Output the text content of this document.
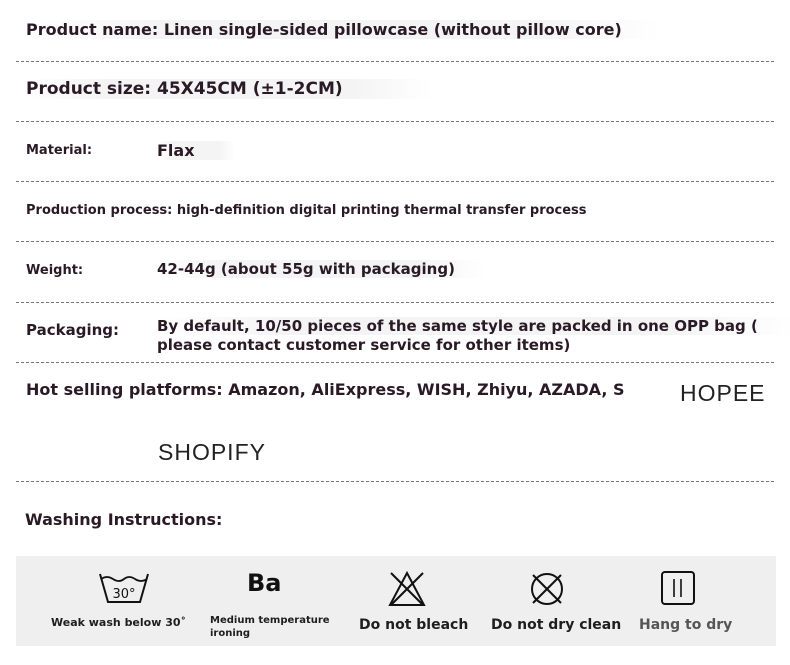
Product name: Linen single-sided pillowcase (without pillow core)
Product size: 45X45CM (±1-2CM)
Material:	Flax
Production process: high-definition digital printing thermal transfer process
Weight:	42-44g (about 55g with packaging)
Packaging:	By default, 10/50 pieces of the same style are packed in one OPP bag (
please contact customer service for other items)
Hot selling platforms: Amazon, AliExpress, WISH, Zhiyu, AZADA, S HOPEE
SHOPIFY
Washing Instructions:
30°
Weak wash below 30˚
Ba
Medium temperature
ironing
Do not bleach Do not dry clean Hang to dry
